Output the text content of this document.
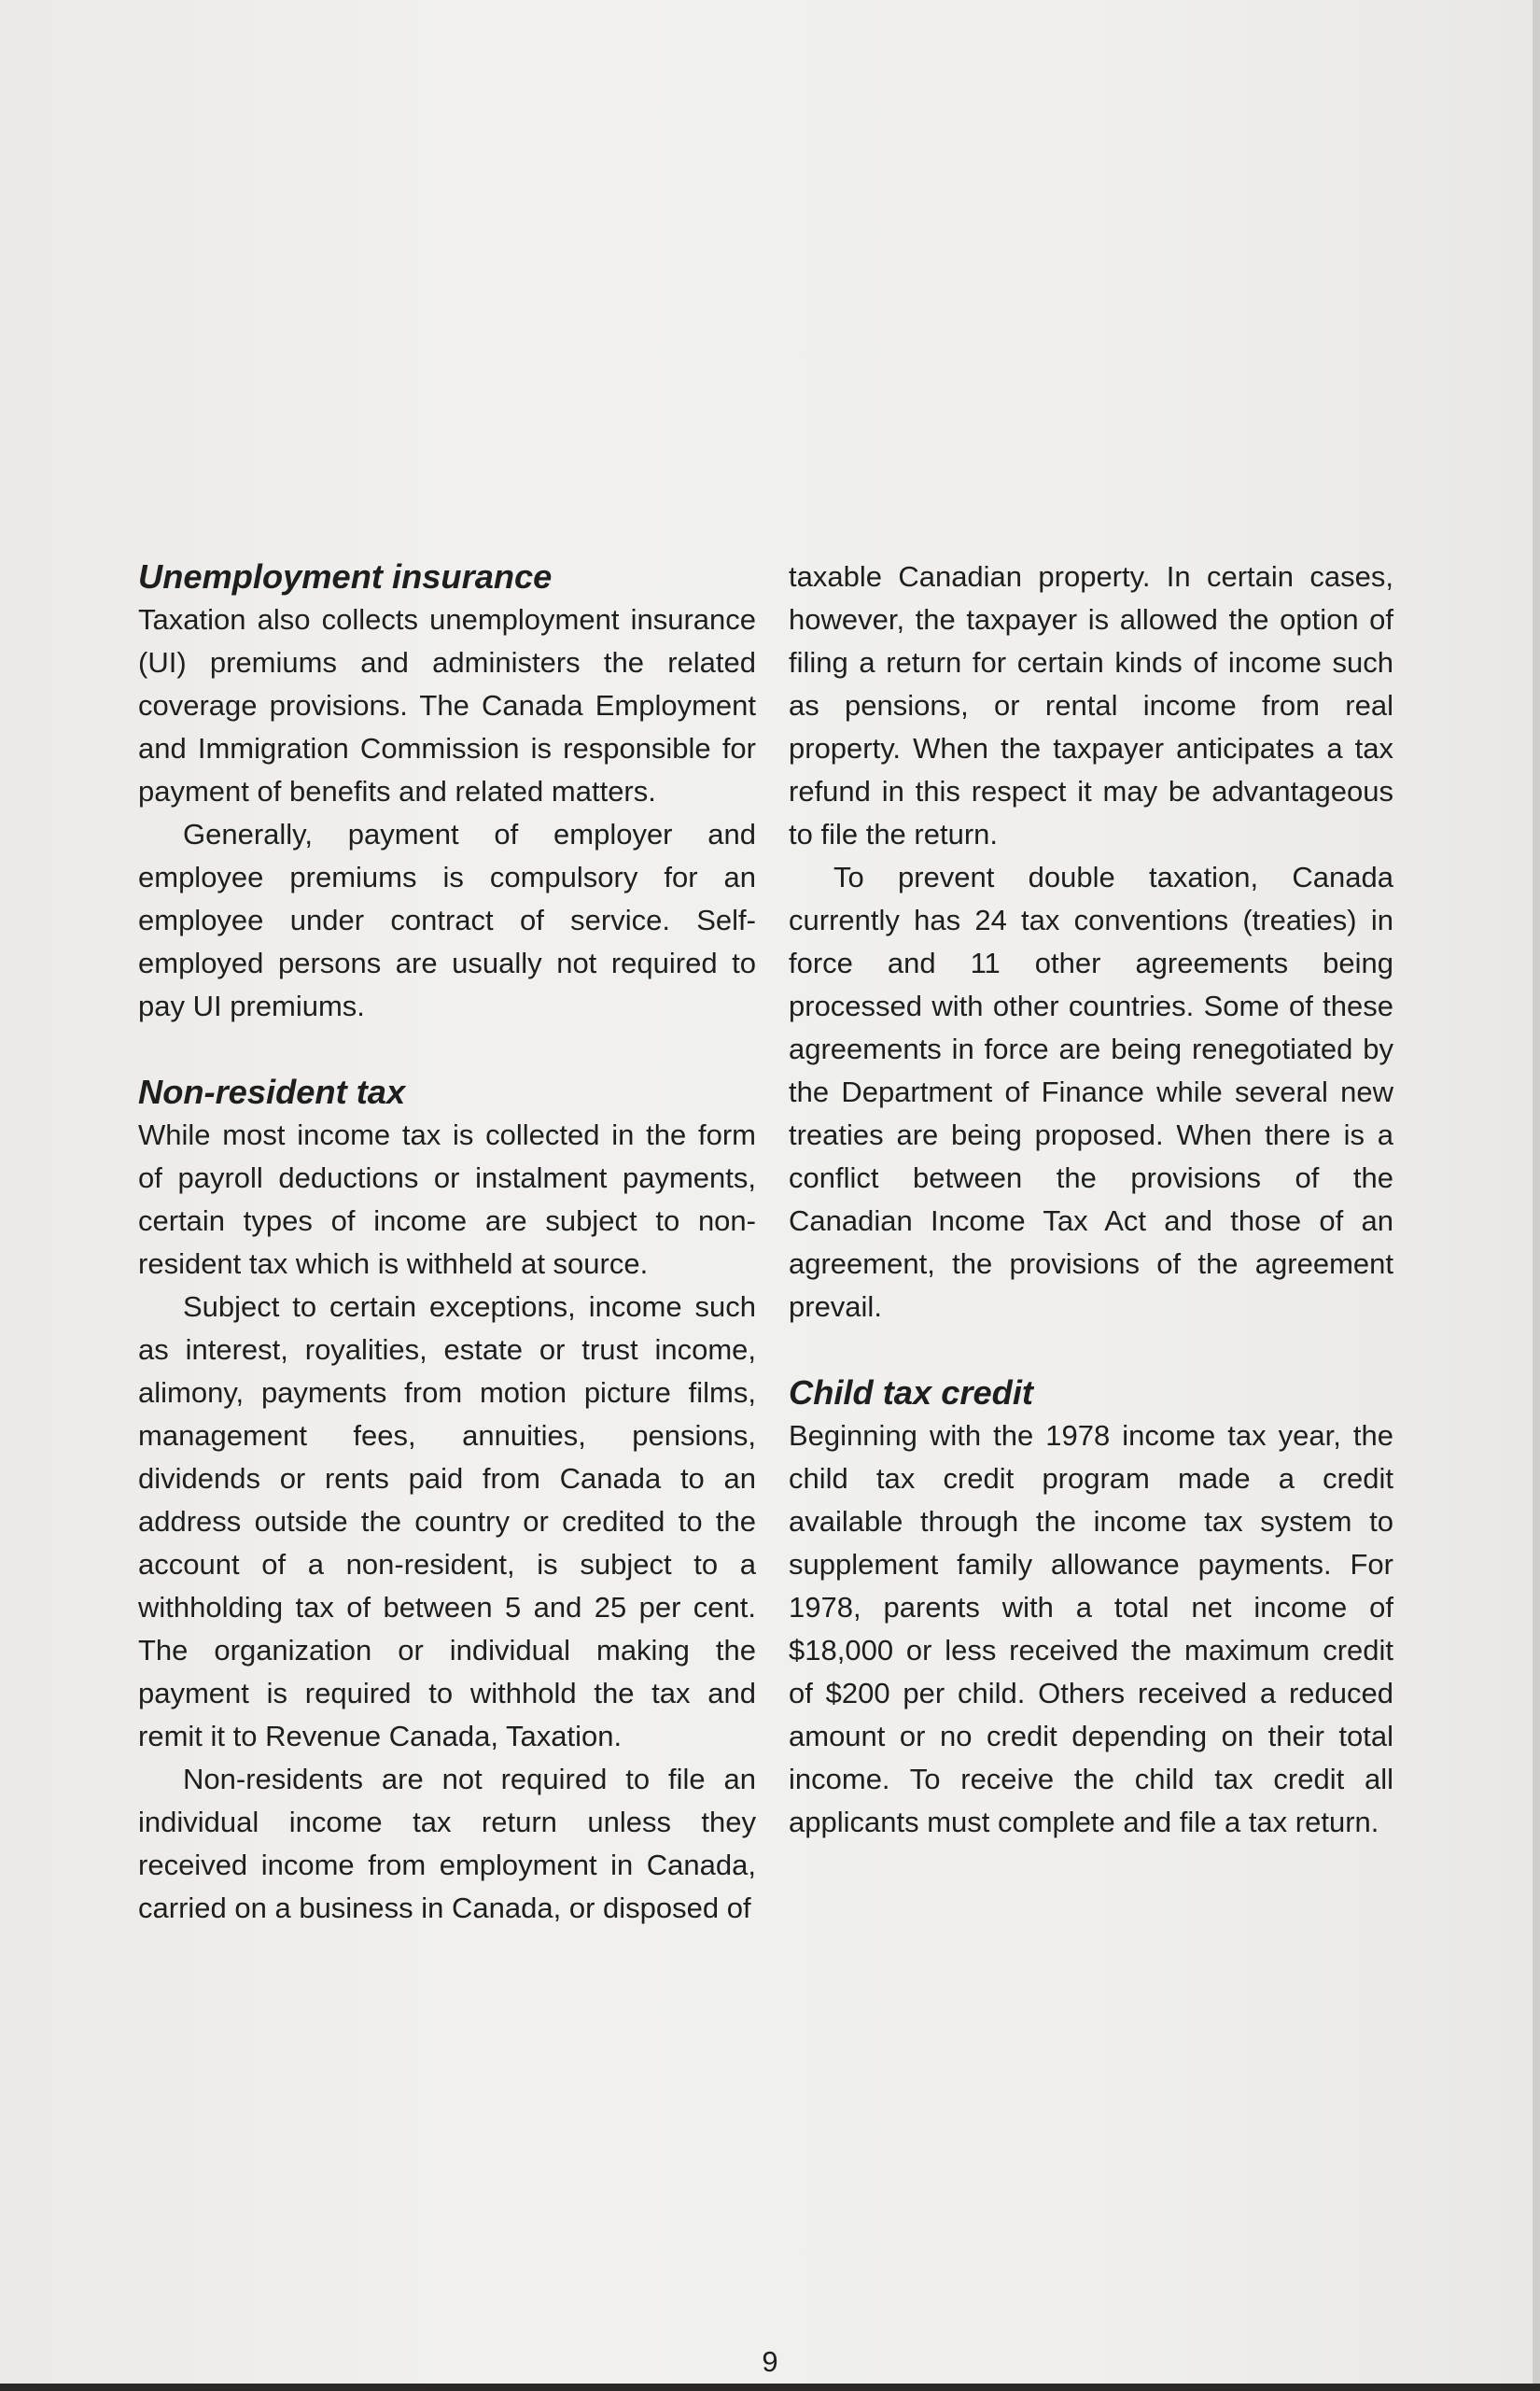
Unemployment insurance

Taxation also collects unemployment insurance (UI) premiums and administers the related coverage provisions. The Canada Employment and Immigration Commission is responsible for payment of benefits and related matters.

Generally, payment of employer and employee premiums is compulsory for an employee under contract of service. Self-employed persons are usually not required to pay UI premiums.

Non-resident tax

While most income tax is collected in the form of payroll deductions or instalment payments, certain types of income are subject to non-resident tax which is withheld at source.

Subject to certain exceptions, income such as interest, royalities, estate or trust income, alimony, payments from motion picture films, management fees, annuities, pensions, dividends or rents paid from Canada to an address outside the country or credited to the account of a non-resident, is subject to a withholding tax of between 5 and 25 per cent. The organization or individual making the payment is required to withhold the tax and remit it to Revenue Canada, Taxation.

Non-residents are not required to file an individual income tax return unless they received income from employment in Canada, carried on a business in Canada, or disposed of

taxable Canadian property. In certain cases, however, the taxpayer is allowed the option of filing a return for certain kinds of income such as pensions, or rental income from real property. When the taxpayer anticipates a tax refund in this respect it may be advantageous to file the return.

To prevent double taxation, Canada currently has 24 tax conventions (treaties) in force and 11 other agreements being processed with other countries. Some of these agreements in force are being renegotiated by the Department of Finance while several new treaties are being proposed. When there is a conflict between the provisions of the Canadian Income Tax Act and those of an agreement, the provisions of the agreement prevail.

Child tax credit

Beginning with the 1978 income tax year, the child tax credit program made a credit available through the income tax system to supplement family allowance payments. For 1978, parents with a total net income of $18,000 or less received the maximum credit of $200 per child. Others received a reduced amount or no credit depending on their total income. To receive the child tax credit all applicants must complete and file a tax return.

9
